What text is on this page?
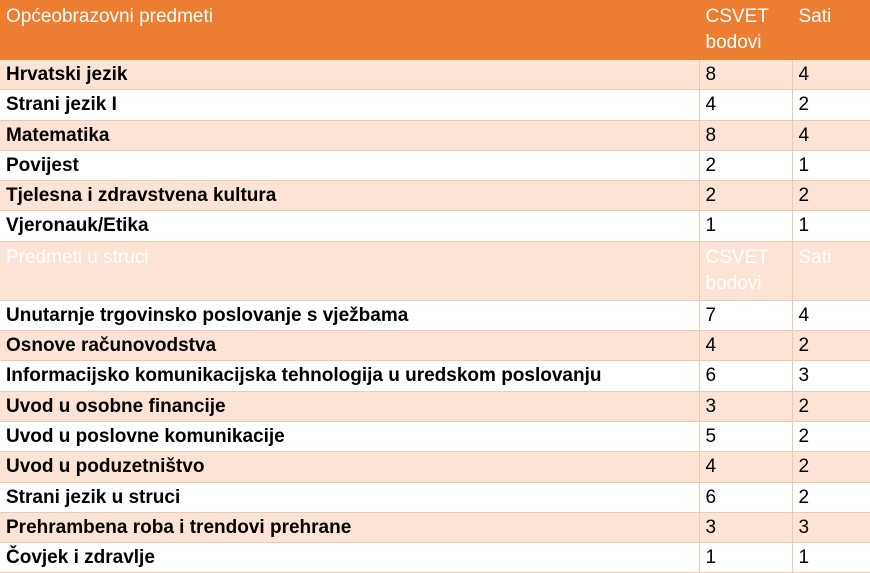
Općeobrazovni predmeti	CSVET bodovi	Sati
Hrvatski jezik	8	4
Strani jezik I	4	2
Matematika	8	4
Povijest	2	1
Tjelesna i zdravstvena kultura	2	2
Vjeronauk/Etika	1	1
Predmeti u struci	CSVET bodovi	Sati
Unutarnje trgovinsko poslovanje s vježbama	7	4
Osnove računovodstva	4	2
Informacijsko komunikacijska tehnologija u uredskom poslovanju	6	3
Uvod u osobne financije	3	2
Uvod u poslovne komunikacije	5	2
Uvod u poduzetništvo	4	2
Strani jezik u struci	6	2
Prehrambena roba i trendovi prehrane	3	3
Čovjek i zdravlje	1	1
